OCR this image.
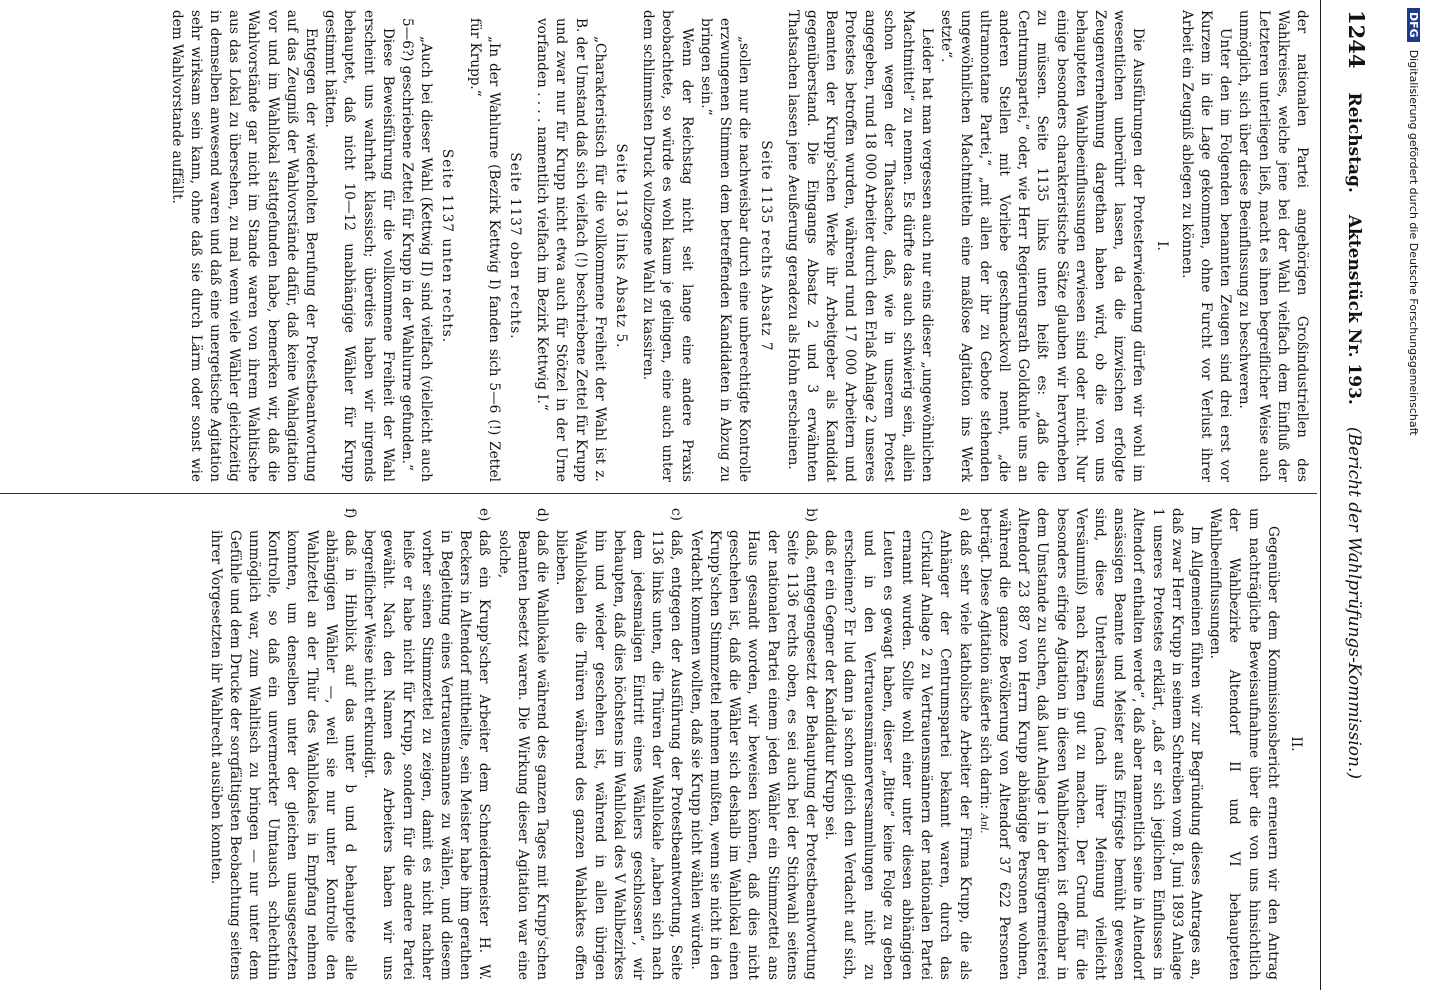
1244
Reichstag.
Aktenstück Nr. 193.
(Bericht der Wahlprüfungs-Kommission.)

der nationalen Partei angehörigen Großindustriellen des Wahlkreises, welche jene bei der Wahl vielfach dem Einfluß der Letzteren unterliegen ließ, macht es ihnen begreiflicher Weise auch unmöglich, sich über diese Beeinflussung zu beschweren.

Unter den im Folgenden benannten Zeugen sind drei erst vor Kurzem in die Lage gekommen, ohne Furcht vor Verlust ihrer Arbeit ein Zeugniß ablegen zu können.

I.

Die Ausführungen der Protesterwiederung dürfen wir wohl im wesentlichen unberührt lassen, da die inzwischen erfolgte Zeugenvernehmung dargethan haben wird, ob die von uns behaupteten Wahlbeeinflussungen erwiesen sind oder nicht. Nur einige besonders charakteristische Sätze glauben wir hervorheben zu müssen. Seite 1135 links unten heißt es: „daß die Centrumspartei,“ oder, wie Herr Regierungsrath Goldkuhle uns an anderen Stellen mit Vorliebe geschmackvoll nennt, „die ultramontane Partei,“ „mit allen der ihr zu Gebote stehenden ungewöhnlichen Machtmitteln eine maßlose Agitation ins Werk setzte“.

Leider hat man vergessen auch nur eins dieser „ungewöhnlichen Machtmittel“ zu nennen. Es dürfte das auch schwierig sein, allein schon wegen der Thatsache, daß, wie in unserem Protest angegeben, rund 18 000 Arbeiter durch den Erlaß Anlage 2 unseres Protestes betroffen wurden, während rund 17 000 Arbeitern und Beamten der Krupp'schen Werke ihr Arbeitgeber als Kandidat gegenüberstand. Die Eingangs Absatz 2 und 3 erwähnten Thatsachen lassen jene Aeußerung geradezu als Hohn erscheinen.

Seite 1135 rechts Absatz 7

„sollen nur die nachweisbar durch eine unberechtigte Kontrolle erzwungenen Stimmen dem betreffenden Kandidaten in Abzug zu bringen sein.“

Wenn der Reichstag nicht seit lange eine andere Praxis beobachtete, so würde es wohl kaum je gelingen, eine auch unter dem schlimmsten Druck vollzogene Wahl zu kassiren.

Seite 1136 links Absatz 5.

„Charakteristisch für die vollkommene Freiheit der Wahl ist z. B. der Umstand daß sich vielfach (!) beschriebene Zettel für Krupp und zwar nur für Krupp nicht etwa auch für Stötzel in der Urne vorfanden . . . . namentlich vielfach im Bezirk Kettwig I.“

Seite 1137 oben rechts.

„In der Wahlurne (Bezirk Kettwig I) fanden sich 5—6 (!) Zettel für Krupp.“

Seite 1137 unten rechts.

„Auch bei dieser Wahl (Kettwig II) sind vielfach (vielleicht auch 5—6?) geschriebene Zettel für Krupp in der Wahlurne gefunden.“

Diese Beweisführung für die vollkommene Freiheit der Wahl erscheint uns wahrhaft klassisch; überdies haben wir nirgends behauptet, daß nicht 10—12 unabhängige Wähler für Krupp gestimmt hätten.

Entgegen der wiederholten Berufung der Protestbeantwortung auf das Zeugniß der Wahlvorstände dafür, daß keine Wahlagitation vor und im Wahllokal stattgefunden habe, bemerken wir, daß die Wahlvorstände gar nicht im Stande waren von ihrem Wahltische aus das Lokal zu übersehen, zu mal wenn viele Wähler gleichzeitig in demselben anwesend waren und daß eine unergetische Agitation sehr wirksam sein kann, ohne daß sie durch Lärm oder sonst wie dem Wahlvorstande auffällt.

II.

Gegenüber dem Kommissionsbericht erneuern wir den Antrag um nachträgliche Beweisaufnahme über die von uns hinsichtlich der Wahlbezirke Altendorf II und VI behaupteten Wahlbeeinflussungen.

Im Allgemeinen führen wir zur Begründung dieses Antrages an, daß zwar Herr Krupp in seinem Schreiben vom 8. Juni 1893 Anlage 1 unseres Protestes erklärt, „daß er sich jeglichen Einflusses in Altendorf enthalten werde“, daß aber namentlich seine in Altendorf ansässigen Beamte und Meister aufs Eifrigste bemüht gewesen sind, diese Unterlassung (nach ihrer Meinung vielleicht Versäumniß) nach Kräften gut zu machen. Der Grund für die besonders eifrige Agitation in diesen Wahlbezirken ist offenbar in dem Umstande zu suchen, daß laut Anlage 1 in der Bürgermeisterei Altendorf 23 887 von Herrn Krupp abhängige Personen wohnen, während die ganze Bevölkerung von Altendorf 37 622 Personen beträgt. Diese Agitation äußerte sich darin: Anl.

a)
daß sehr viele katholische Arbeiter der Firma Krupp, die als Anhänger der Centrumspartei bekannt waren, durch das Cirkular Anlage 2 zu Vertrauensmännern der nationalen Partei ernannt wurden. Sollte wohl einer unter diesen abhängigen Leuten es gewagt haben, dieser „Bitte“ keine Folge zu geben und in den Vertrauensmännerversammlungen nicht zu erscheinen? Er lud dann ja schon gleich den Verdacht auf sich, daß er ein Gegner der Kandidatur Krupp sei.
b)
daß, entgegengesetzt der Behauptung der Protestbeantwortung Seite 1136 rechts oben, es sei auch bei der Stichwahl seitens der nationalen Partei einem jeden Wähler ein Stimmzettel ans Haus gesandt worden, wir beweisen können, daß dies nicht geschehen ist, daß die Wähler sich deshalb im Wahllokal einen Krupp'schen Stimmzettel nehmen mußten, wenn sie nicht in den Verdacht kommen wollten, daß sie Krupp nicht wählen würden.
c)
daß, entgegen der Ausführung der Protestbeantwortung, Seite 1136 links unten, die Thüren der Wahllokale „haben sich nach dem jedesmaligen Eintritt eines Wählers geschlossen“, wir behaupten, daß dies höchstens im Wahllokal des V Wahlbezirkes hin und wieder geschehen ist, während in allen übrigen Wahllokalen die Thüren während des ganzen Wahlaktes offen blieben.
d)
daß die Wahllokale während des ganzen Tages mit Krupp'schen Beamten besetzt waren. Die Wirkung dieser Agitation war eine solche,
e)
daß ein Krupp'scher Arbeiter dem Schneidermeister H. W. Beckers in Altendorf mittheilte, sein Meister habe ihm gerathen in Begleitung eines Vertrauensmannes zu wählen, und diesem vorher seinen Stimmzettel zu zeigen, damit es nicht nachher heiße er habe nicht für Krupp, sondern für die andere Partei gewählt. Nach den Namen des Arbeiters haben wir uns begreiflicher Weise nicht erkundigt.
f)
daß in Hinblick auf das unter b und d behauptete alle abhängigen Wähler —, weil sie nur unter Kontrolle den Wahlzettel an der Thür des Wahllokales in Empfang nehmen konnten, um denselben unter der gleichen unausgesetzten Kontrolle, so daß ein unvermerkter Umtausch schlechthin unmöglich war, zum Wahltisch zu bringen — nur unter dem Gefühle und dem Drucke der sorgfältigsten Beobachtung seitens ihrer Vorgesetzten ihr Wahlrecht ausüben konnten.
DFGDigitalisierung gefördert durch die Deutsche Forschungsgemeinschaft
